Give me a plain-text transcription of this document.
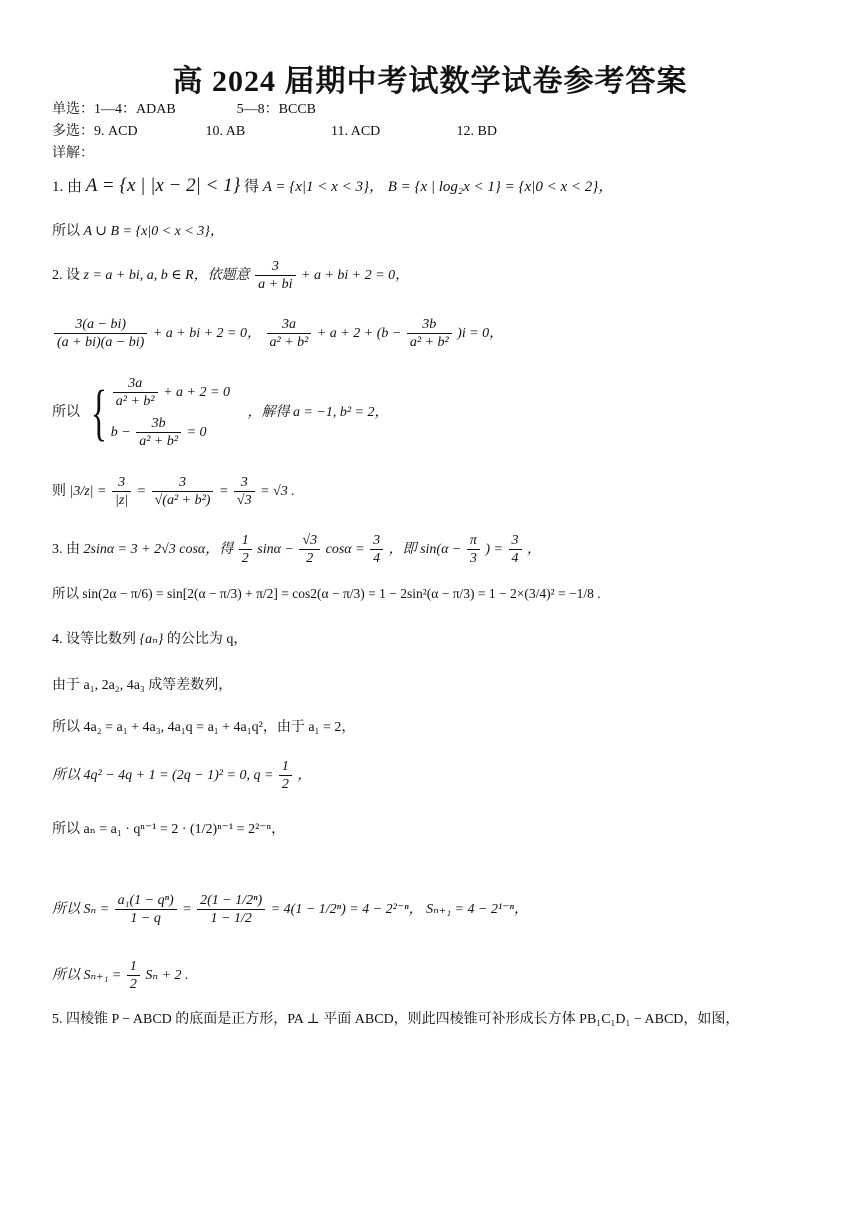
高 2024 届期中考试数学试卷参考答案
单选：1—4：ADAB	5—8：BCCB
多选：9. ACD	10. AB	11. ACD	12. BD
详解：
1. 由 A = {x | |x − 2| < 1} 得 A = {x|1 < x < 3}， B = {x | log₂x < 1} = {x|0 < x < 2}，
所以 A ∪ B = {x|0 < x < 3}，
2. 设 z = a + bi, a, b ∈ R，依题意 $\frac{3}{a + bi} + a$ + bi + 2 = 0，
$\frac{3(a - bi)}{(a + bi)(a - bi)} + a$ + bi + 2 = 0， $\frac{3a}{\text{a² + b²}} + a + 2 + (b - \frac{3b}{\text{a² + b²}} )i = 0$，
所以 { $\frac{3a}{\text{a² + b²}} + a + 2 = 0$
$b - \frac{3b}{\text{a² + b²}} = 0$
，解得 a = −1, b² = 2，
则 $|3/z| = \frac{3}{|z|} = \frac{3}{\text{√(a² + b²)}} = \frac{3}{√3} = √3$ .
3. 由 2sinα = 3 + 2√3 cosα，得 $\frac{1}{2}$ $\sin\alpha - \frac{√3}{2}$ $\cos\alpha = \frac{3}{4}$ ，即 $\sin(\alpha - \frac{\pi}{3}$ ) = $\frac{3}{4}$ ，
所以 sin(2α − π/6) = sin[2(α − π/3) + π/2] = cos2(α − π/3) = 1 − 2sin²(α − π/3) = 1 − 2×(3/4)² = −1/8 .
4. 设等比数列 {aₙ} 的公比为 q，
由于 a₁, 2a₂, 4a₃ 成等差数列，
所以 4a₂ = a₁ + 4a₃, 4a₁q = a₁ + 4a₁q²，由于 a₁ = 2，
所以 4q² − 4q + 1 = (2q − 1)² = 0, $q = \frac{1}{2}$ ，
所以 aₙ = a₁ · qⁿ⁻¹ = 2 · (1/2)ⁿ⁻¹ = 2²⁻ⁿ，
所以 $S_n = \frac{\text{a₁(1 − qⁿ)}}{1 - q} = \frac{\text{2(1 − 1/2ⁿ)}}{1 - 1/2} = 4(1 - 1/2^n) = 4 - 2^{2-n}$， Sₙ₊₁ = 4 − 2¹⁻ⁿ，
所以 $S_{n+1} = \frac{1}{2}$ Sₙ + 2 .
5. 四棱锥 P − ABCD 的底面是正方形，PA ⊥ 平面 ABCD，则此四棱锥可补形成长方体 PB₁C₁D₁ − ABCD，如图，
